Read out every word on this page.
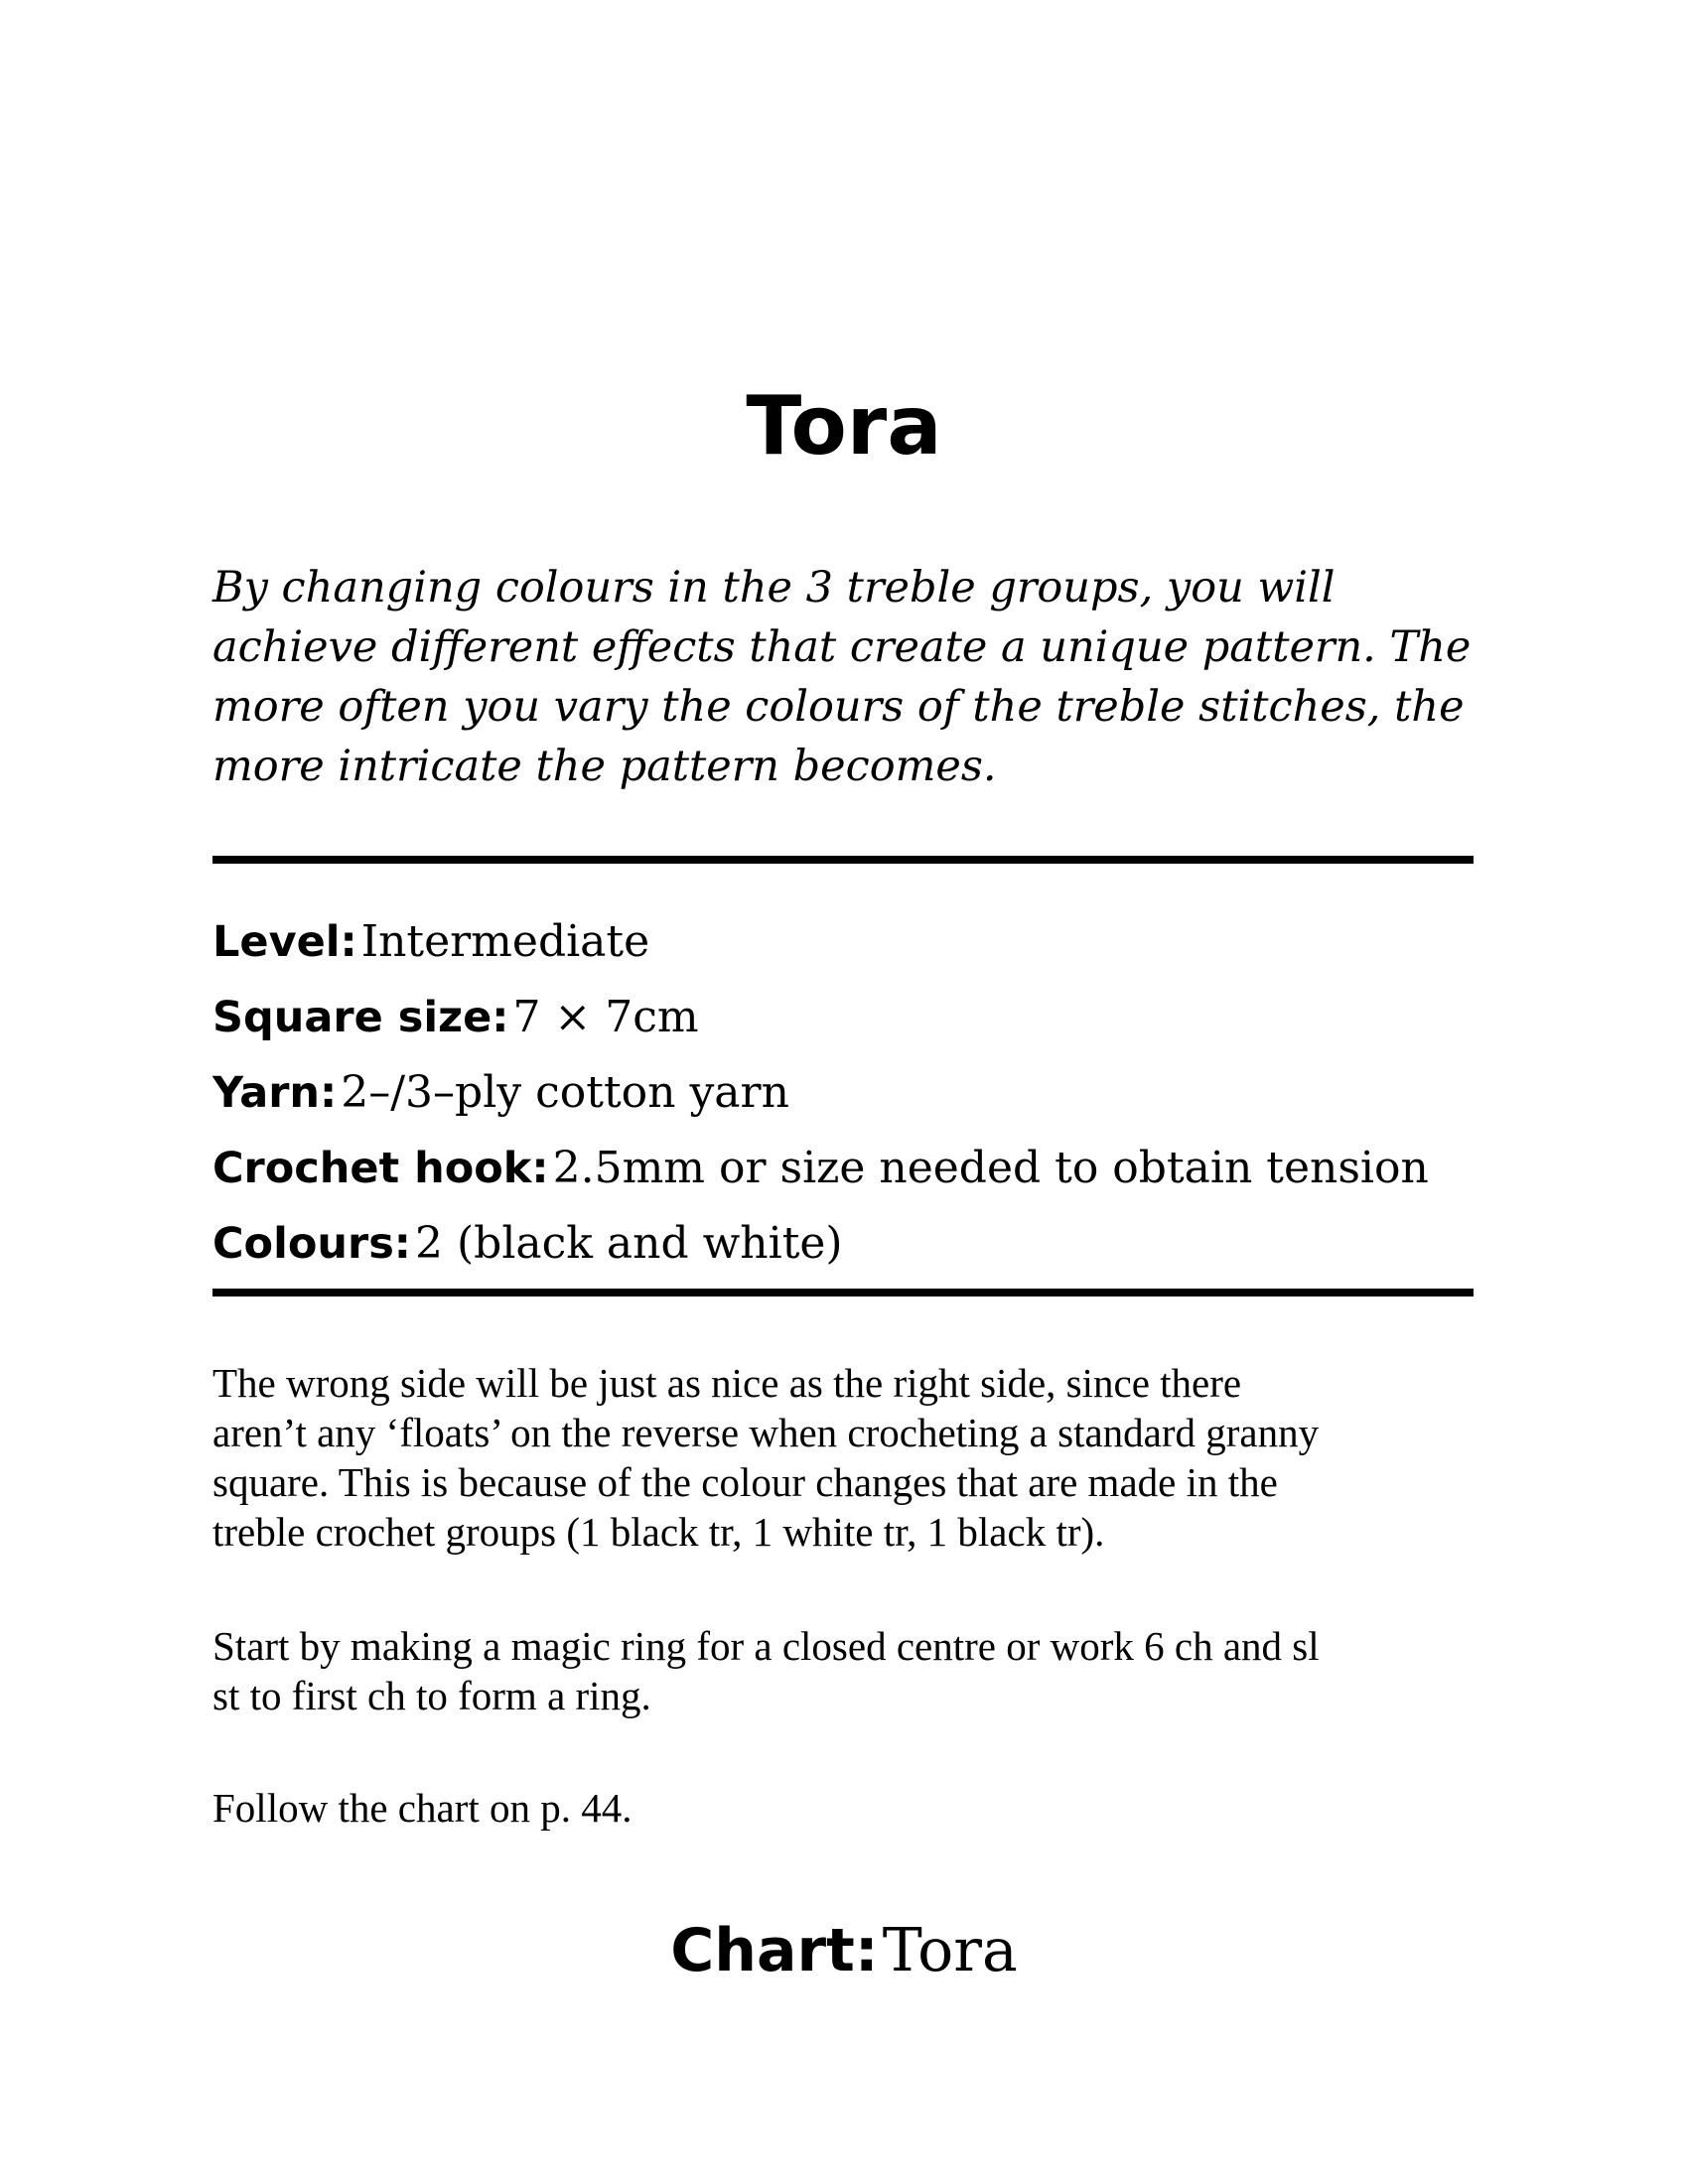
Tora

By changing colours in the 3 treble groups, you will
achieve different effects that create a unique pattern. The
more often you vary the colours of the treble stitches, the
more intricate the pattern becomes.

Level: Intermediate
Square size: 7 × 7cm
Yarn: 2–/3–ply cotton yarn
Crochet hook: 2.5mm or size needed to obtain tension
Colours: 2 (black and white)

The wrong side will be just as nice as the right side, since there
aren’t any ‘floats’ on the reverse when crocheting a standard granny
square. This is because of the colour changes that are made in the
treble crochet groups (1 black tr, 1 white tr, 1 black tr).

Start by making a magic ring for a closed centre or work 6 ch and sl
st to first ch to form a ring.

Follow the chart on p. 44.

Chart: Tora
